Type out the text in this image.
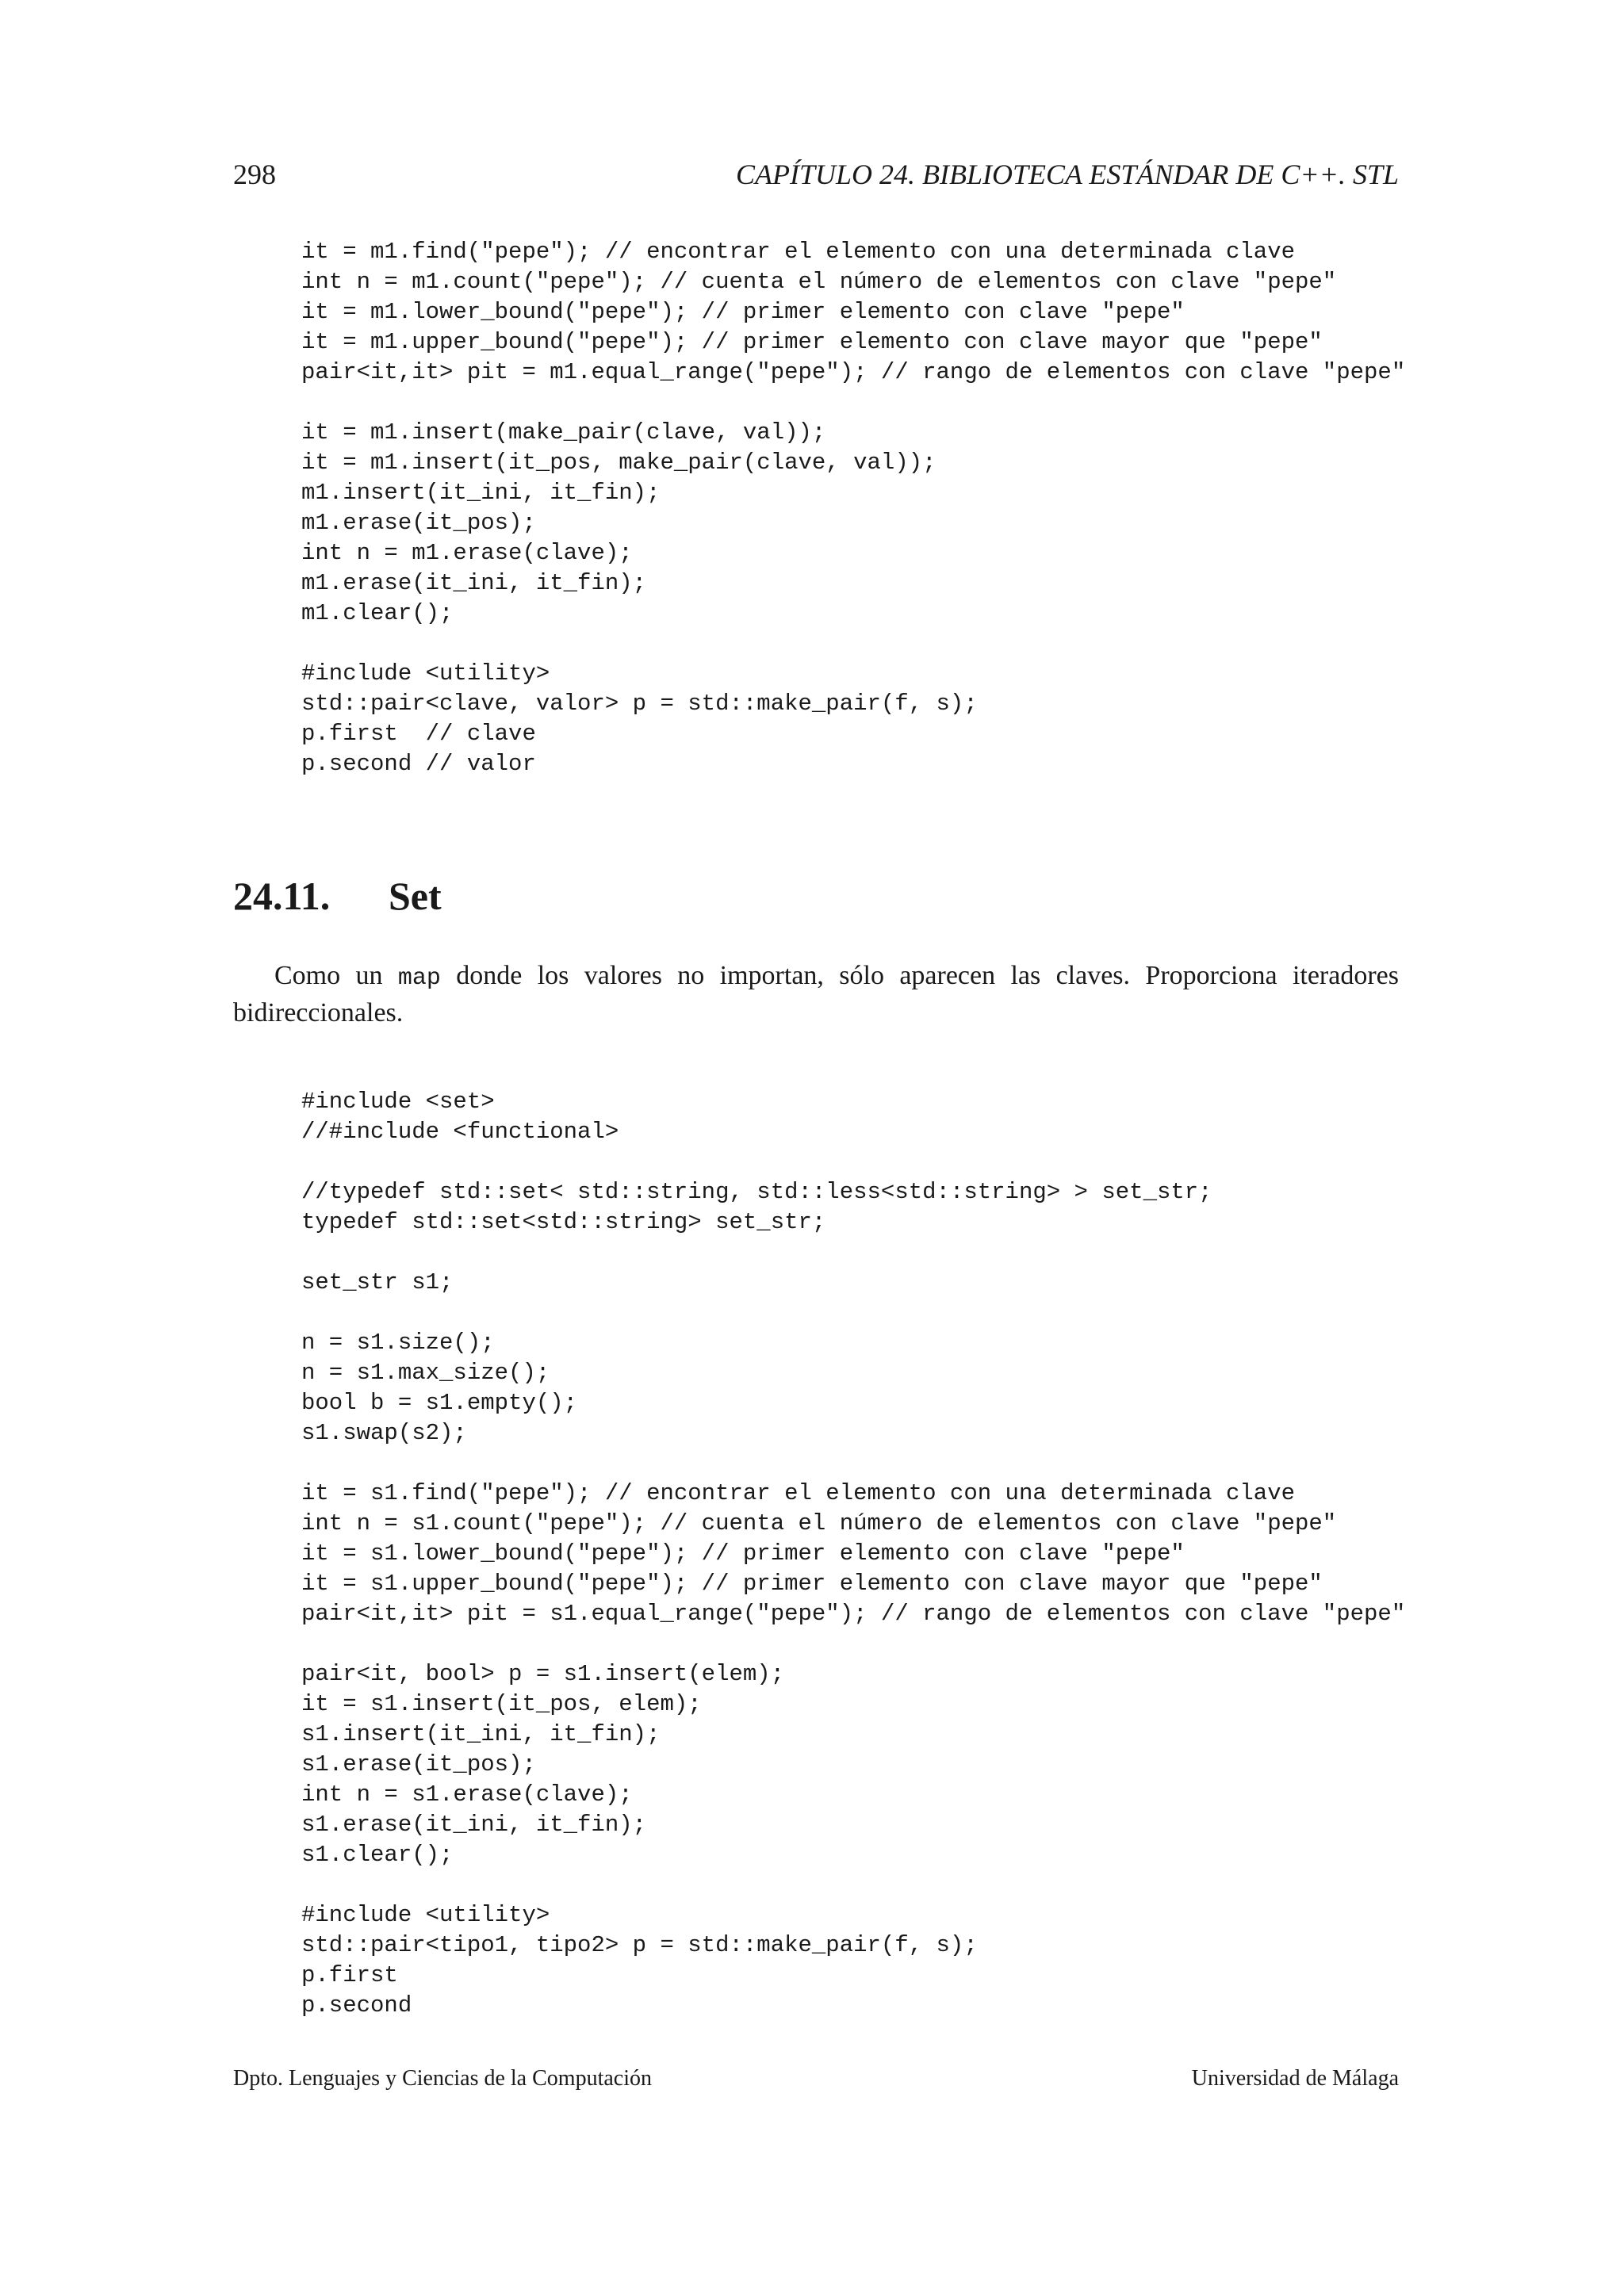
298	CAPÍTULO 24. BIBLIOTECA ESTÁNDAR DE C++. STL
it = m1.find("pepe"); // encontrar el elemento con una determinada clave
int n = m1.count("pepe"); // cuenta el número de elementos con clave "pepe"
it = m1.lower_bound("pepe"); // primer elemento con clave "pepe"
it = m1.upper_bound("pepe"); // primer elemento con clave mayor que "pepe"
pair<it,it> pit = m1.equal_range("pepe"); // rango de elementos con clave "pepe"
it = m1.insert(make_pair(clave, val));
it = m1.insert(it_pos, make_pair(clave, val));
m1.insert(it_ini, it_fin);
m1.erase(it_pos);
int n = m1.erase(clave);
m1.erase(it_ini, it_fin);
m1.clear();
#include <utility>
std::pair<clave, valor> p = std::make_pair(f, s);
p.first  // clave
p.second // valor
24.11. Set

Como un map donde los valores no importan, sólo aparecen las claves. Proporciona iteradores bidireccionales.

#include <set>
//#include <functional>
//typedef std::set< std::string, std::less<std::string> > set_str;
typedef std::set<std::string> set_str;
set_str s1;
n = s1.size();
n = s1.max_size();
bool b = s1.empty();
s1.swap(s2);
it = s1.find("pepe"); // encontrar el elemento con una determinada clave
int n = s1.count("pepe"); // cuenta el número de elementos con clave "pepe"
it = s1.lower_bound("pepe"); // primer elemento con clave "pepe"
it = s1.upper_bound("pepe"); // primer elemento con clave mayor que "pepe"
pair<it,it> pit = s1.equal_range("pepe"); // rango de elementos con clave "pepe"
pair<it, bool> p = s1.insert(elem);
it = s1.insert(it_pos, elem);
s1.insert(it_ini, it_fin);
s1.erase(it_pos);
int n = s1.erase(clave);
s1.erase(it_ini, it_fin);
s1.clear();
#include <utility>
std::pair<tipo1, tipo2> p = std::make_pair(f, s);
p.first
p.second
Dpto. Lenguajes y Ciencias de la Computación	Universidad de Málaga
